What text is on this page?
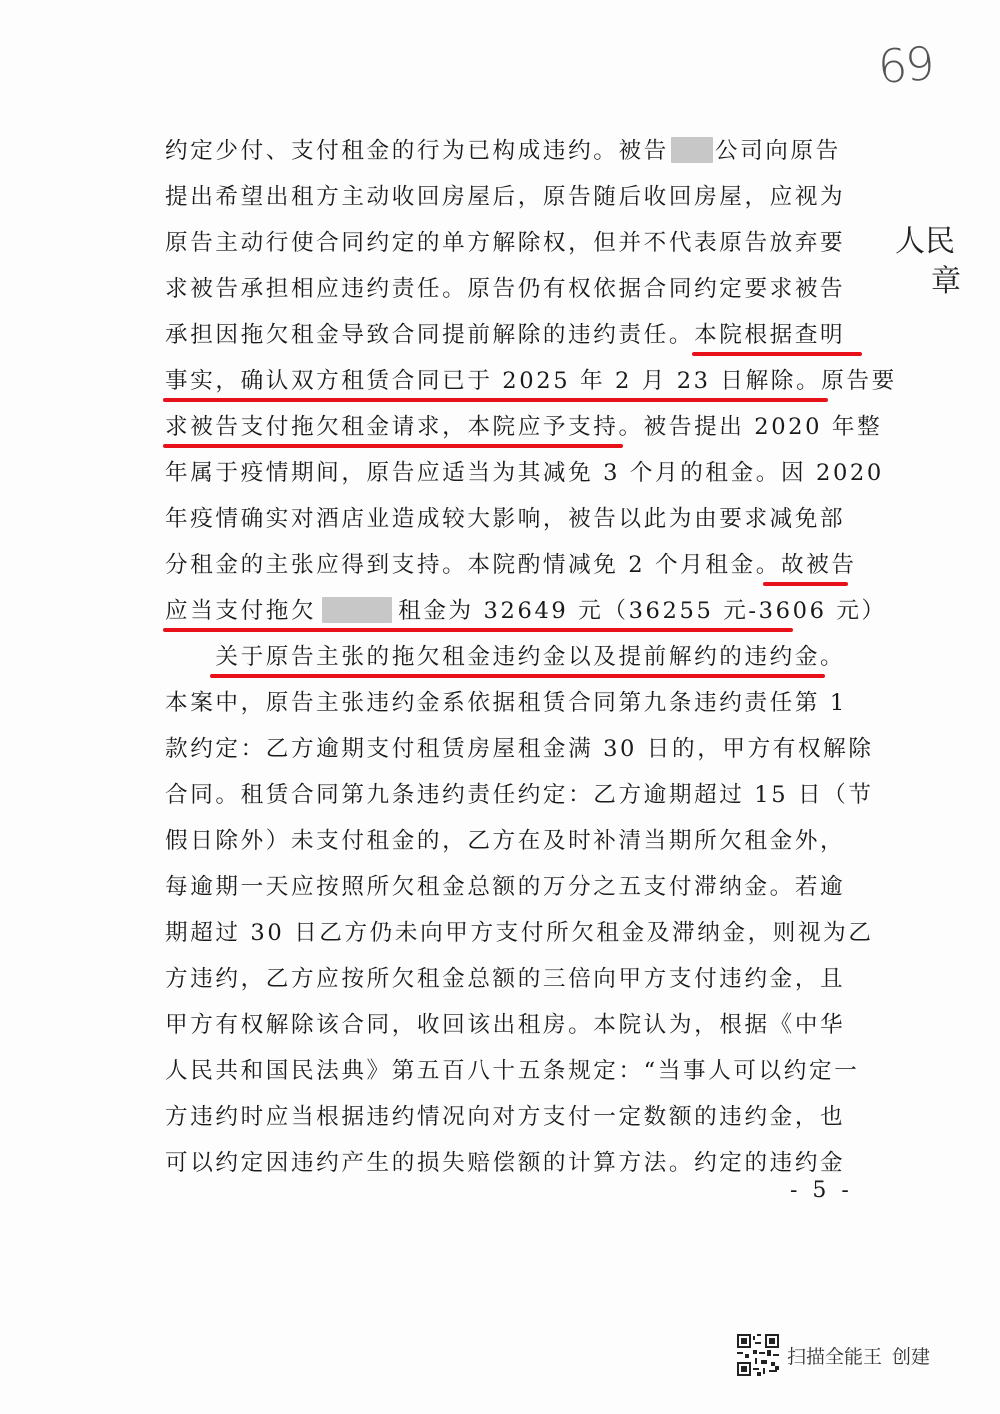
69
人民
章
约定少付、支付租金的行为已构成违约。被告 公司向原告
提出希望出租方主动收回房屋后，原告随后收回房屋，应视为
原告主动行使合同约定的单方解除权，但并不代表原告放弃要
求被告承担相应违约责任。原告仍有权依据合同约定要求被告
承担因拖欠租金导致合同提前解除的违约责任。本院根据查明
事实，确认双方租赁合同已于 2025 年 2 月 23 日解除。原告要
求被告支付拖欠租金请求，本院应予支持。被告提出 2020 年整
年属于疫情期间，原告应适当为其减免 3 个月的租金。因 2020
年疫情确实对酒店业造成较大影响，被告以此为由要求减免部
分租金的主张应得到支持。本院酌情减免 2 个月租金。故被告
应当支付拖欠	租金为 32649 元（36255 元-3606 元）
　　关于原告主张的拖欠租金违约金以及提前解约的违约金。
本案中，原告主张违约金系依据租赁合同第九条违约责任第 1
款约定：乙方逾期支付租赁房屋租金满 30 日的，甲方有权解除
合同。租赁合同第九条违约责任约定：乙方逾期超过 15 日（节
假日除外）未支付租金的，乙方在及时补清当期所欠租金外，
每逾期一天应按照所欠租金总额的万分之五支付滞纳金。若逾
期超过 30 日乙方仍未向甲方支付所欠租金及滞纳金，则视为乙
方违约，乙方应按所欠租金总额的三倍向甲方支付违约金，且
甲方有权解除该合同，收回该出租房。本院认为，根据《中华
人民共和国民法典》第五百八十五条规定：“当事人可以约定一
方违约时应当根据违约情况向对方支付一定数额的违约金，也
可以约定因违约产生的损失赔偿额的计算方法。约定的违约金
- 5 -
扫描全能王 创建
